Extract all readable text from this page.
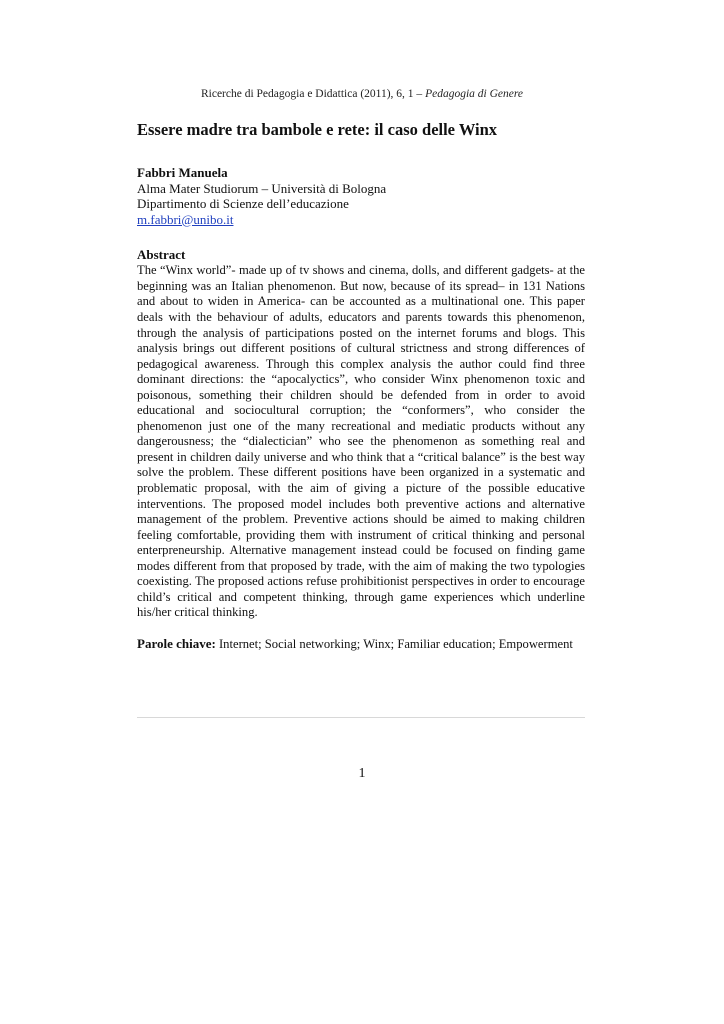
Ricerche di Pedagogia e Didattica (2011), 6, 1 – Pedagogia di Genere
Essere madre tra bambole e rete: il caso delle Winx
Fabbri Manuela
Alma Mater Studiorum – Università di Bologna
Dipartimento di Scienze dell’educazione
m.fabbri@unibo.it
Abstract

The “Winx world”- made up of tv shows and cinema, dolls, and different gadgets- at the beginning was an Italian phenomenon. But now, because of its spread– in 131 Nations and about to widen in America- can be accounted as a multinational one. This paper deals with the behaviour of adults, educators and parents towards this phenomenon, through the analysis of participations posted on the internet forums and blogs. This analysis brings out different positions of cultural strictness and strong differences of pedagogical awareness. Through this complex analysis the author could find three dominant directions: the “apocalyctics”, who consider Winx phenomenon toxic and poisonous, something their children should be defended from in order to avoid educational and sociocultural corruption; the “conformers”, who consider the phenomenon just one of the many recreational and mediatic products without any dangerousness; the “dialectician” who see the phenomenon as something real and present in children daily universe and who think that a “critical balance” is the best way solve the problem. These different positions have been organized in a systematic and problematic proposal, with the aim of giving a picture of the possible educative interventions. The proposed model includes both preventive actions and alternative management of the problem. Preventive actions should be aimed to making children feeling comfortable, providing them with instrument of critical thinking and personal enterpreneurship. Alternative management instead could be focused on finding game modes different from that proposed by trade, with the aim of making the two typologies coexisting. The proposed actions refuse prohibitionist perspectives in order to encourage child’s critical and competent thinking, through game experiences which underline his/her critical thinking.

Parole chiave: Internet; Social networking; Winx; Familiar education; Empowerment
1
